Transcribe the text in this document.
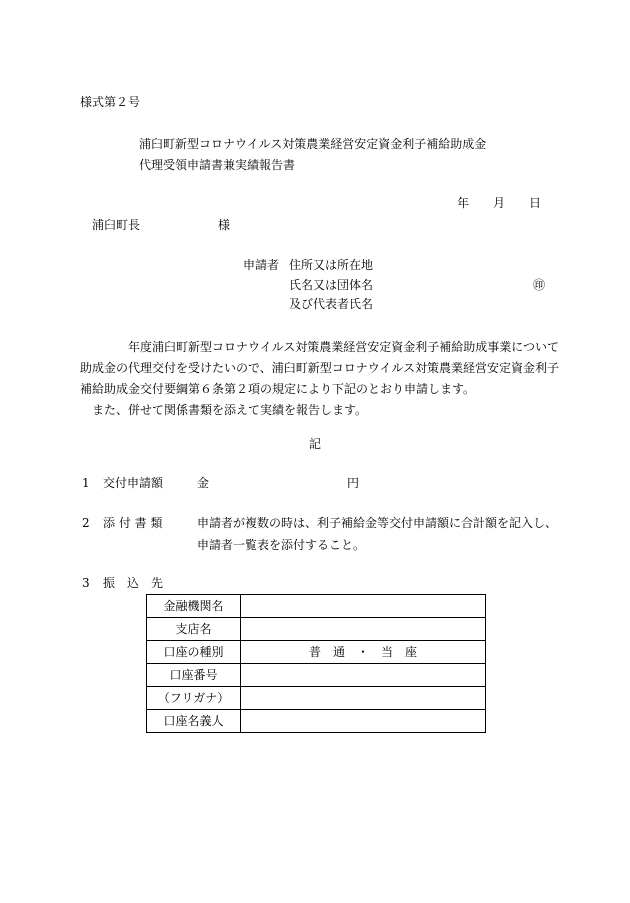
様式第２号
浦臼町新型コロナウイルス対策農業経営安定資金利子補給助成金
代理受領申請書兼実績報告書
年 月 日
浦臼町長	様
申請者 住所又は所在地
氏名又は団体名	㊞
及び代表者氏名
年度浦臼町新型コロナウイルス対策農業経営安定資金利子補給助成事業について
助成金の代理交付を受けたいので、浦臼町新型コロナウイルス対策農業経営安定資金利子
補給助成金交付要綱第６条第２項の規定により下記のとおり申請します。
また、併せて関係書類を添えて実績を報告します。
記
1 交付申請額	金	円
2 添 付 書 類	申請者が複数の時は、利子補給金等交付申請額に合計額を記入し、
申請者一覧表を添付すること。
3 振　込　先
金融機関名	
支店名	
口座の種別	普　通　・　当　座
口座番号	
（フリガナ）	
口座名義人	
